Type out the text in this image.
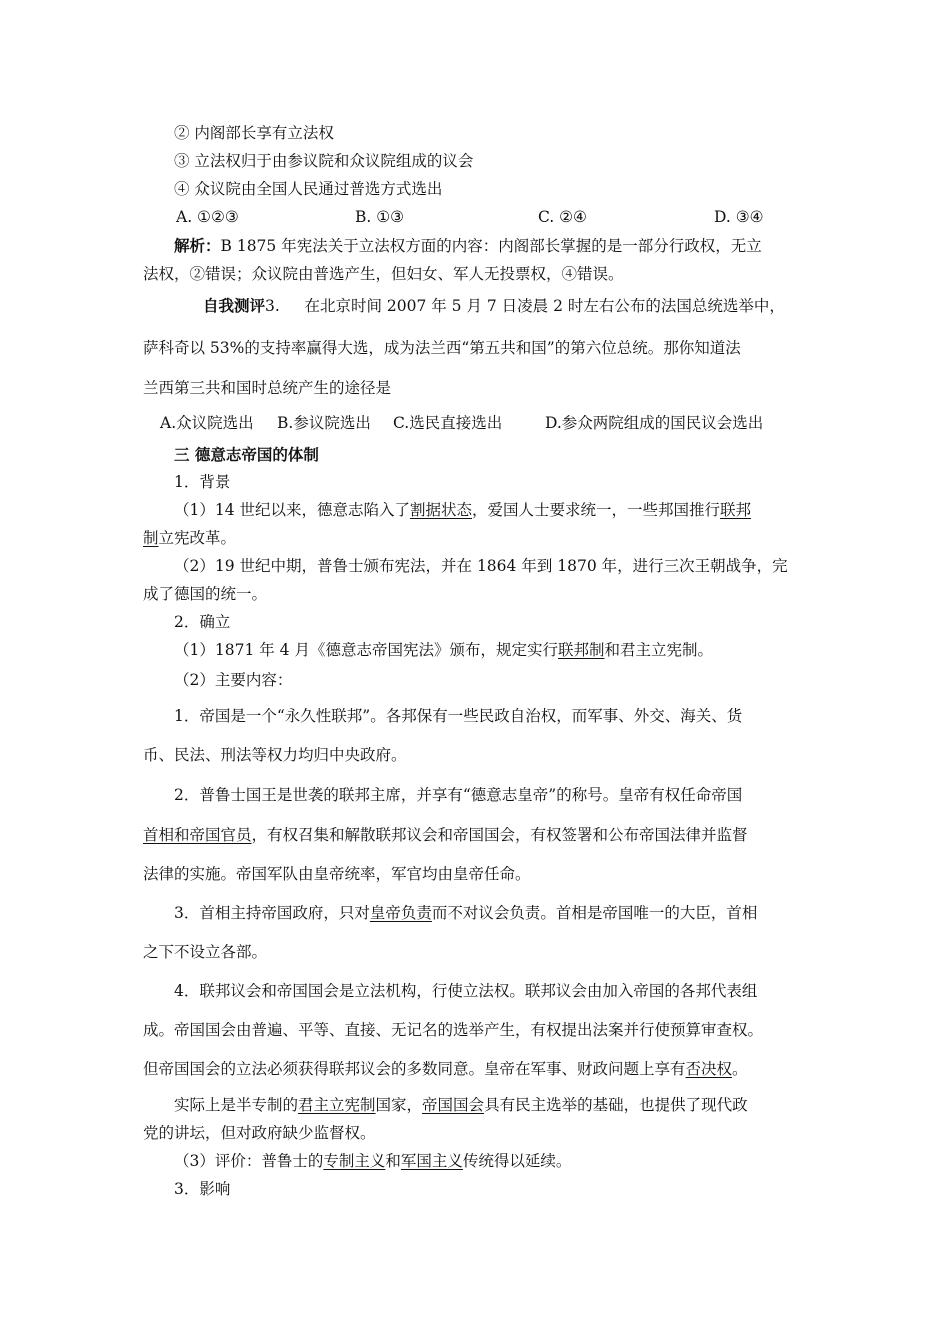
② 内阁部长享有立法权
③ 立法权归于由参议院和众议院组成的议会
④ 众议院由全国人民通过普选方式选出
A. ①②③	B. ①③	C. ②④	D. ③④
解析：B 1875 年宪法关于立法权方面的内容：内阁部长掌握的是一部分行政权，无立
法权，②错误；众议院由普选产生，但妇女、军人无投票权，④错误。
自我测评3.     在北京时间 2007 年 5 月 7 日凌晨 2 时左右公布的法国总统选举中，
萨科奇以 53%的支持率赢得大选，成为法兰西“第五共和国”的第六位总统。那你知道法
兰西第三共和国时总统产生的途径是
A.众议院选出 B.参议院选出 C.选民直接选出	D.参众两院组成的国民议会选出
三 德意志帝国的体制
1．背景
（1）14 世纪以来，德意志陷入了割据状态，爱国人士要求统一，一些邦国推行联邦
制立宪改革。
（2）19 世纪中期，普鲁士颁布宪法，并在 1864 年到 1870 年，进行三次王朝战争，完
成了德国的统一。
2．确立
（1）1871 年 4 月《德意志帝国宪法》颁布，规定实行联邦制和君主立宪制。
（2）主要内容：
1．帝国是一个“永久性联邦”。各邦保有一些民政自治权，而军事、外交、海关、货
币、民法、刑法等权力均归中央政府。
2．普鲁士国王是世袭的联邦主席，并享有“德意志皇帝”的称号。皇帝有权任命帝国
首相和帝国官员，有权召集和解散联邦议会和帝国国会，有权签署和公布帝国法律并监督
法律的实施。帝国军队由皇帝统率，军官均由皇帝任命。
3．首相主持帝国政府，只对皇帝负责而不对议会负责。首相是帝国唯一的大臣，首相
之下不设立各部。
4．联邦议会和帝国国会是立法机构，行使立法权。联邦议会由加入帝国的各邦代表组
成。帝国国会由普遍、平等、直接、无记名的选举产生，有权提出法案并行使预算审查权。
但帝国国会的立法必须获得联邦议会的多数同意。皇帝在军事、财政问题上享有否决权。
实际上是半专制的君主立宪制国家，帝国国会具有民主选举的基础，也提供了现代政
党的讲坛，但对政府缺少监督权。
（3）评价：普鲁士的专制主义和军国主义传统得以延续。
3．影响
